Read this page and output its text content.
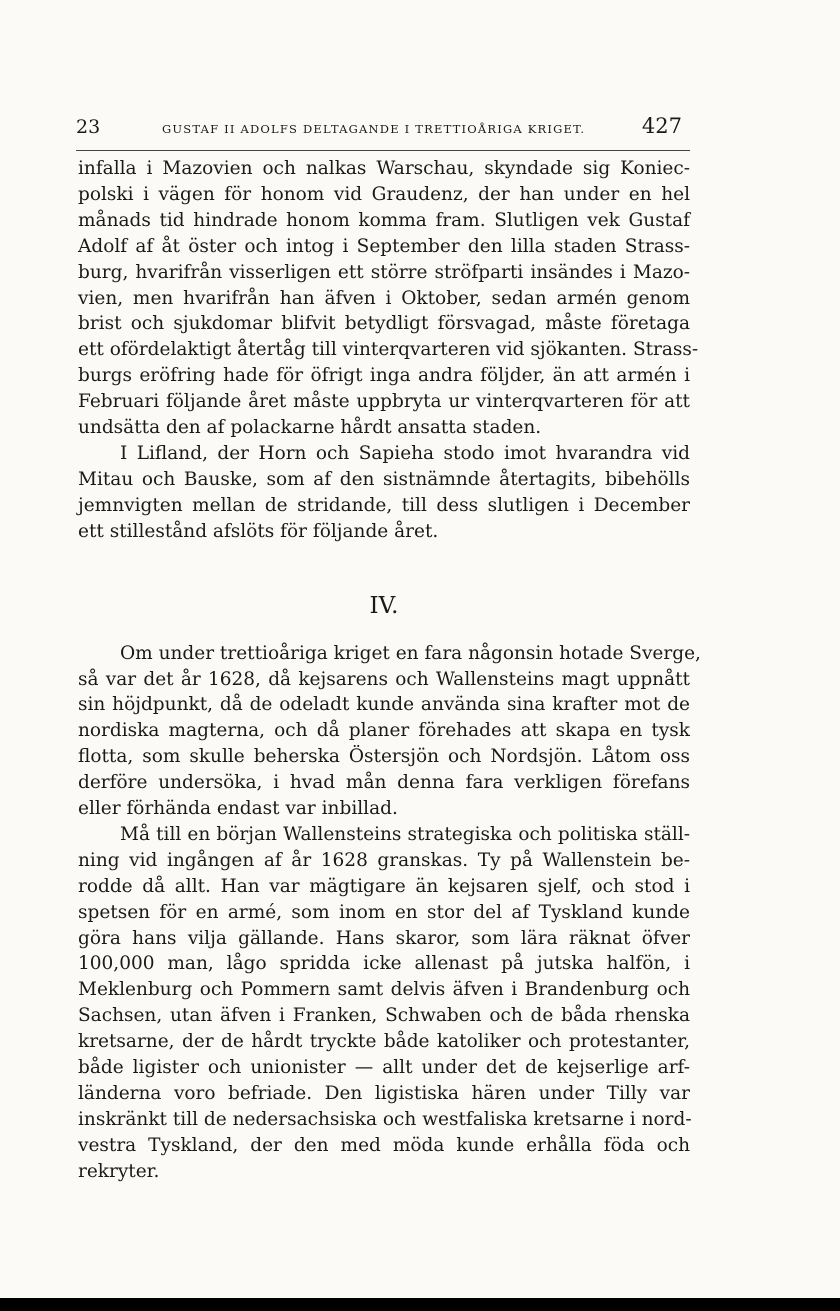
23	GUSTAF II ADOLFS DELTAGANDE I TRETTIOÅRIGA KRIGET.	427
infalla i Mazovien och nalkas Warschau, skyndade sig Koniec-
polski i vägen för honom vid Graudenz, der han under en hel
månads tid hindrade honom komma fram. Slutligen vek Gustaf
Adolf af åt öster och intog i September den lilla staden Strass-
burg, hvarifrån visserligen ett större ströfparti insändes i Mazo-
vien, men hvarifrån han äfven i Oktober, sedan armén genom
brist och sjukdomar blifvit betydligt försvagad, måste företaga
ett ofördelaktigt återtåg till vinterqvarteren vid sjökanten. Strass-
burgs eröfring hade för öfrigt inga andra följder, än att armén i
Februari följande året måste uppbryta ur vinterqvarteren för att
undsätta den af polackarne hårdt ansatta staden.
I Lifland, der Horn och Sapieha stodo imot hvarandra vid
Mitau och Bauske, som af den sistnämnde återtagits, bibehölls
jemnvigten mellan de stridande, till dess slutligen i December
ett stillestånd afslöts för följande året.
IV.
Om under trettioåriga kriget en fara någonsin hotade Sverge,
så var det år 1628, då kejsarens och Wallensteins magt uppnått
sin höjdpunkt, då de odeladt kunde använda sina krafter mot de
nordiska magterna, och då planer förehades att skapa en tysk
flotta, som skulle beherska Östersjön och Nordsjön. Låtom oss
derföre undersöka, i hvad mån denna fara verkligen förefans
eller förhända endast var inbillad.
Må till en början Wallensteins strategiska och politiska ställ-
ning vid ingången af år 1628 granskas. Ty på Wallenstein be-
rodde då allt. Han var mägtigare än kejsaren sjelf, och stod i
spetsen för en armé, som inom en stor del af Tyskland kunde
göra hans vilja gällande. Hans skaror, som lära räknat öfver
100,000 man, lågo spridda icke allenast på jutska halfön, i
Meklenburg och Pommern samt delvis äfven i Brandenburg och
Sachsen, utan äfven i Franken, Schwaben och de båda rhenska
kretsarne, der de hårdt tryckte både katoliker och protestanter,
både ligister och unionister — allt under det de kejserlige arf-
länderna voro befriade. Den ligistiska hären under Tilly var
inskränkt till de nedersachsiska och westfaliska kretsarne i nord-
vestra Tyskland, der den med möda kunde erhålla föda och
rekryter.
